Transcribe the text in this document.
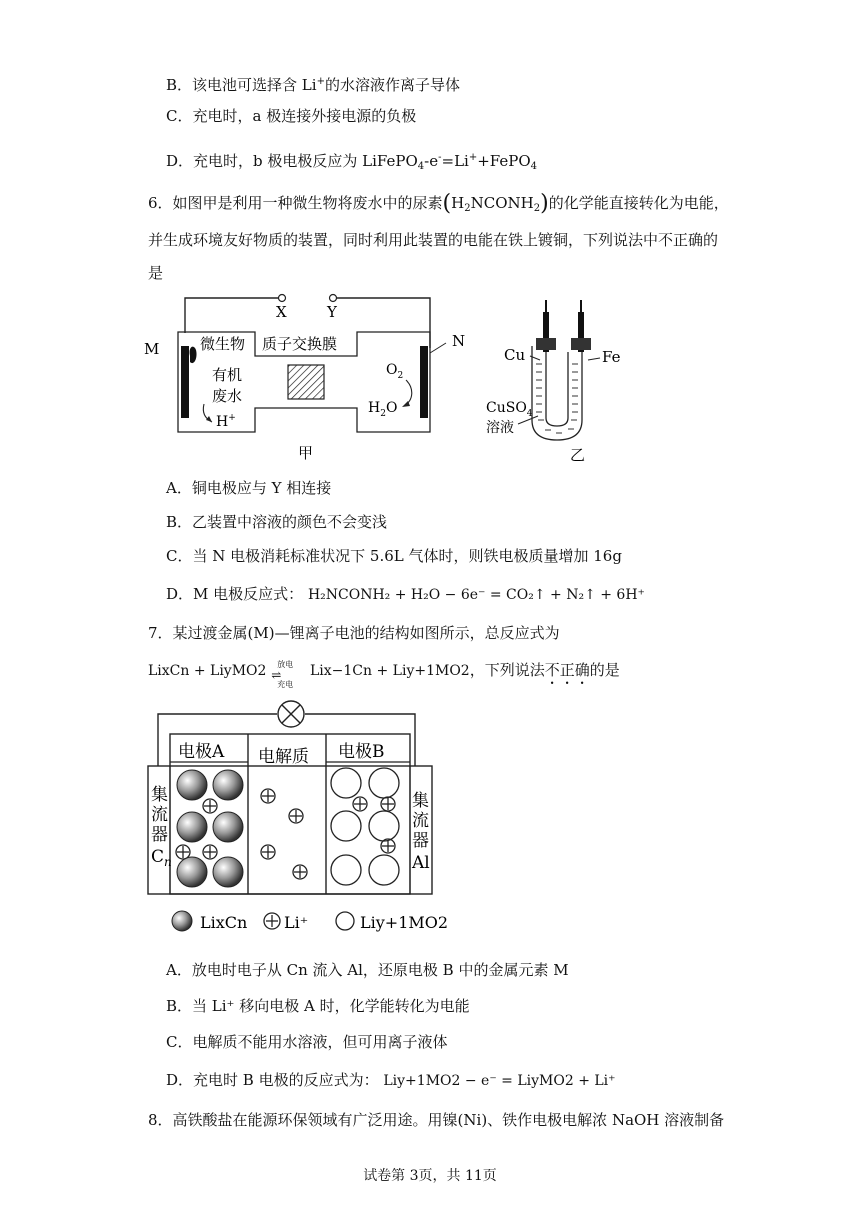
B．该电池可选择含 Li+的水溶液作离子导体
C．充电时，a 极连接外接电源的负极
D．充电时，b 极电极反应为 LiFePO$_4$-e-=Li++FePO$_4$
6．如图甲是利用一种微生物将废水中的尿素$(H_2NCONH_2)$的化学能直接转化为电能，
并生成环境友好物质的装置，同时利用此装置的电能在铁上镀铜，下列说法中不正确的
是
X	Y
M	N
微生物 质子交换膜
有机
废水
H+
$O_2$
$H_2O$
甲
Cu	Fe
CuSO$_4$
溶液
乙
A．铜电极应与 Y 相连接
B．乙装置中溶液的颜色不会变浅
C．当 N 电极消耗标准状况下 5.6L 气体时，则铁电极质量增加 16g
D．M 电极反应式： H₂NCONH₂ + H₂O − 6e⁻ = CO₂↑ + N₂↑ + 6H⁺
7．某过渡金属(M)—锂离子电池的结构如图所示，总反应式为
LixCn + LiyMO2 放电
⇌
充电
Lix−1Cn + Liy+1MO2，下列说法不正确的是
电极A 电解质 电极B
集
流
器
$C_n$
集
流
器
Al
LixCn Li⁺	Liy+1MO2
A．放电时电子从 Cn 流入 Al，还原电极 B 中的金属元素 M
B．当 Li⁺ 移向电极 A 时，化学能转化为电能
C．电解质不能用水溶液，但可用离子液体
D．充电时 B 电极的反应式为： Liy+1MO2 − e⁻ = LiyMO2 + Li⁺
8．高铁酸盐在能源环保领域有广泛用途。用镍(Ni)、铁作电极电解浓 NaOH 溶液制备
试卷第 3页，共 11页
